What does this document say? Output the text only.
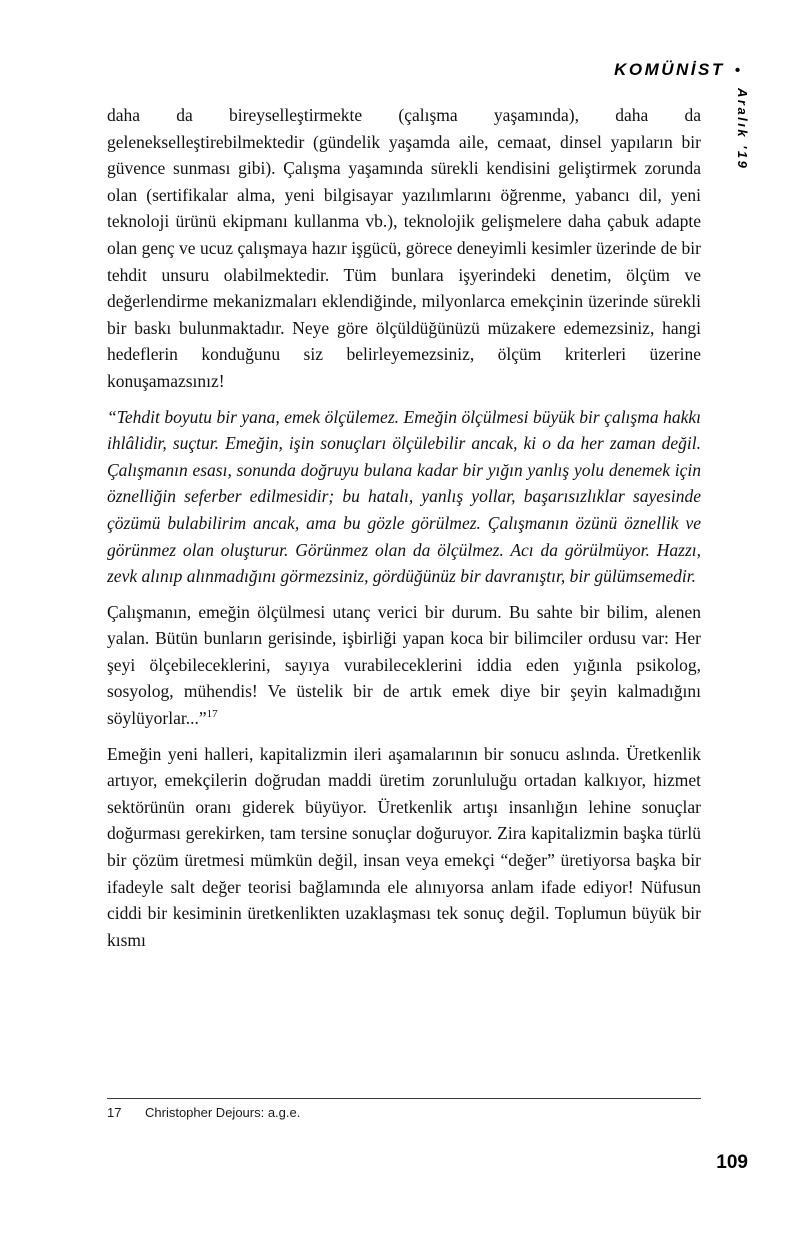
KOMÜNİST •
Aralık '19

daha da bireyselleştirmekte (çalışma yaşamında), daha da gelenekselleştirebilmektedir (gündelik yaşamda aile, cemaat, dinsel yapıların bir güvence sunması gibi). Çalışma yaşamında sürekli kendisini geliştirmek zorunda olan (sertifikalar alma, yeni bilgisayar yazılımlarını öğrenme, yabancı dil, yeni teknoloji ürünü ekipmanı kullanma vb.), teknolojik gelişmelere daha çabuk adapte olan genç ve ucuz çalışmaya hazır işgücü, görece deneyimli kesimler üzerinde de bir tehdit unsuru olabilmektedir. Tüm bunlara işyerindeki denetim, ölçüm ve değerlendirme mekanizmaları eklendiğinde, milyonlarca emekçinin üzerinde sürekli bir baskı bulunmaktadır. Neye göre ölçüldüğünüzü müzakere edemezsiniz, hangi hedeflerin konduğunu siz belirleyemezsiniz, ölçüm kriterleri üzerine konuşamazsınız!

“Tehdit boyutu bir yana, emek ölçülemez. Emeğin ölçülmesi büyük bir çalışma hakkı ihlâlidir, suçtur. Emeğin, işin sonuçları ölçülebilir ancak, ki o da her zaman değil. Çalışmanın esası, sonunda doğruyu bulana kadar bir yığın yanlış yolu denemek için öznelliğin seferber edilmesidir; bu hatalı, yanlış yollar, başarısızlıklar sayesinde çözümü bulabilirim ancak, ama bu gözle görülmez. Çalışmanın özünü öznellik ve görünmez olan oluşturur. Görünmez olan da ölçülmez. Acı da görülmüyor. Hazzı, zevk alınıp alınmadığını görmezsiniz, gördüğünüz bir davranıştır, bir gülümsemedir.

Çalışmanın, emeğin ölçülmesi utanç verici bir durum. Bu sahte bir bilim, alenen yalan. Bütün bunların gerisinde, işbirliği yapan koca bir bilimciler ordusu var: Her şeyi ölçebileceklerini, sayıya vurabileceklerini iddia eden yığınla psikolog, sosyolog, mühendis! Ve üstelik bir de artık emek diye bir şeyin kalmadığını söylüyorlar...”$^{17}$

Emeğin yeni halleri, kapitalizmin ileri aşamalarının bir sonucu aslında. Üretkenlik artıyor, emekçilerin doğrudan maddi üretim zorunluluğu ortadan kalkıyor, hizmet sektörünün oranı giderek büyüyor. Üretkenlik artışı insanlığın lehine sonuçlar doğurması gerekirken, tam tersine sonuçlar doğuruyor. Zira kapitalizmin başka türlü bir çözüm üretmesi mümkün değil, insan veya emekçi “değer” üretiyorsa başka bir ifadeyle salt değer teorisi bağlamında ele alınıyorsa anlam ifade ediyor! Nüfusun ciddi bir kesiminin üretkenlikten uzaklaşması tek sonuç değil. Toplumun büyük bir kısmı

17 Christopher Dejours: a.g.e.
109
